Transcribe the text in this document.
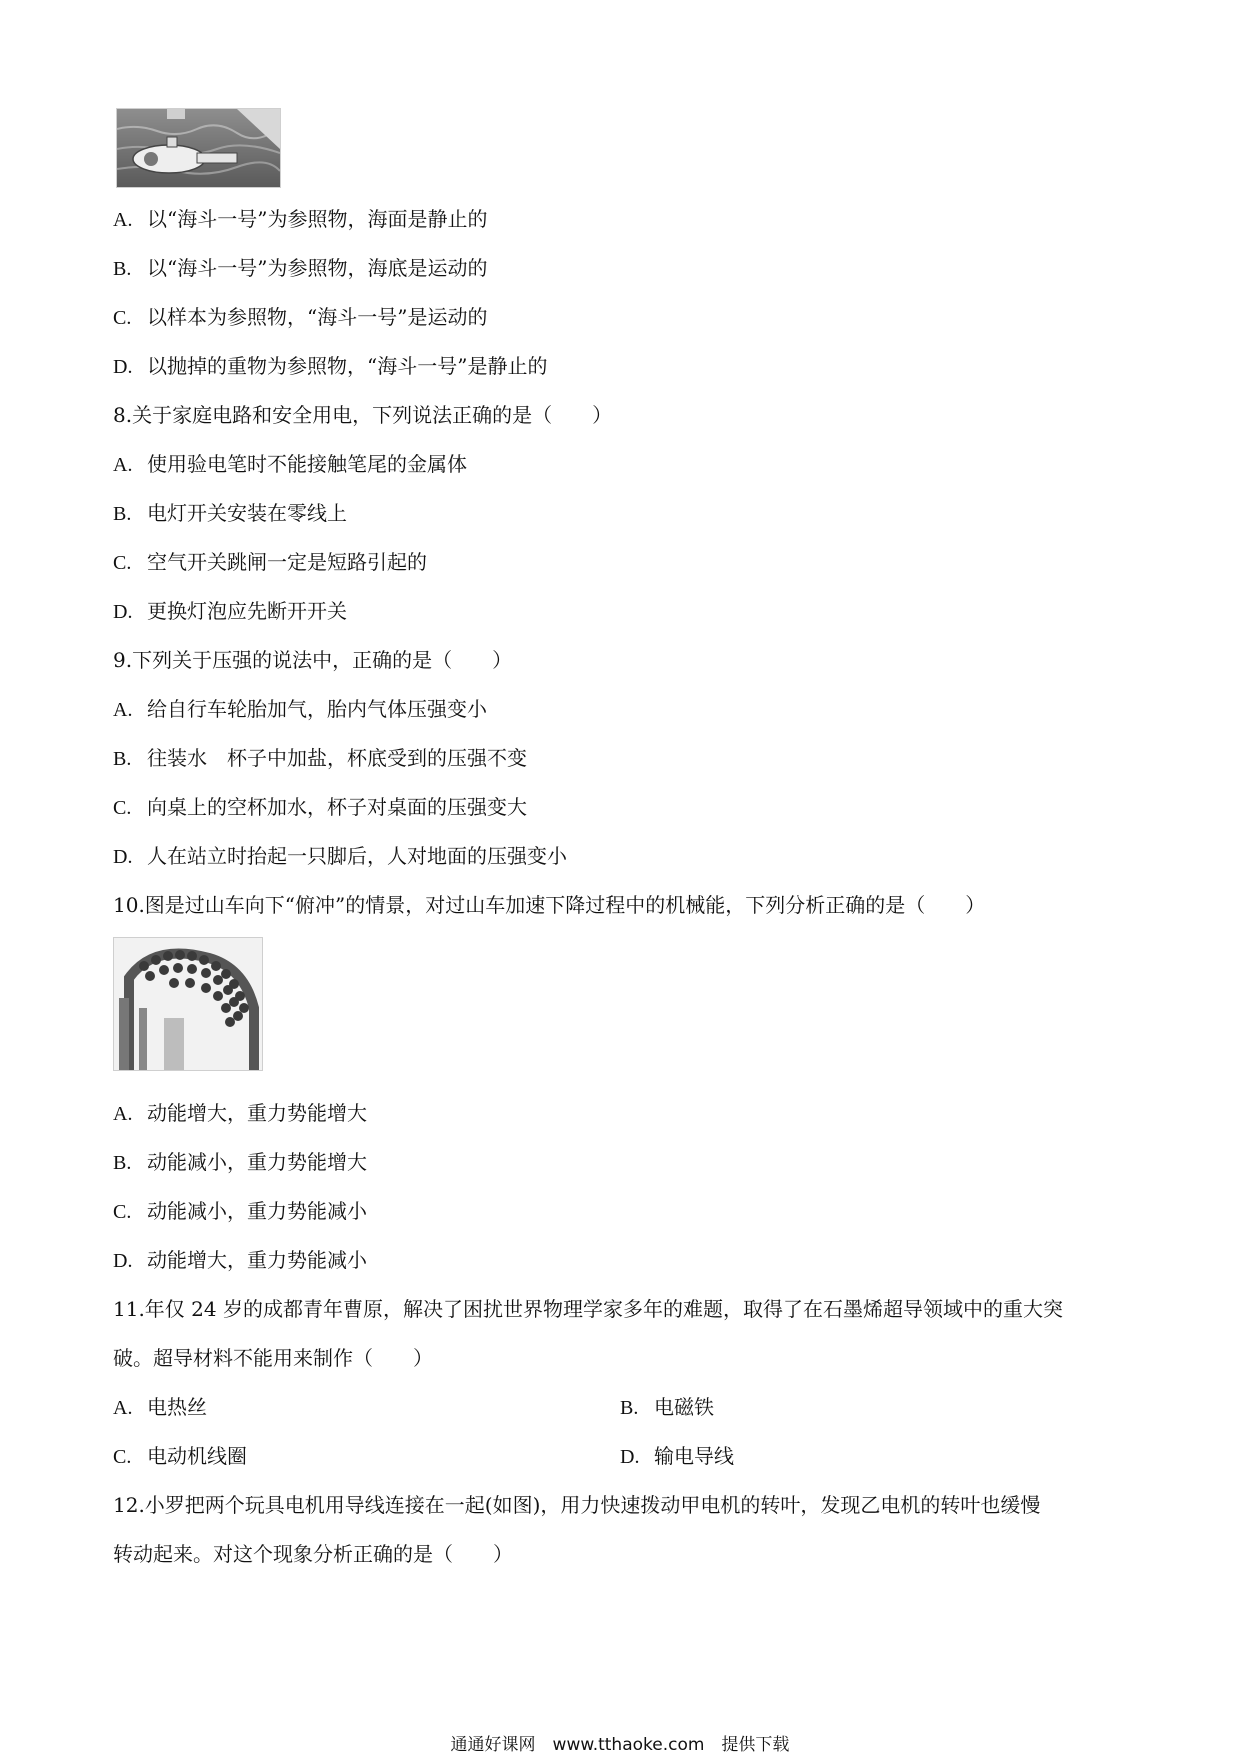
A. 以“海斗一号”为参照物，海面是静止的
B. 以“海斗一号”为参照物，海底是运动的
C. 以样本为参照物，“海斗一号”是运动的
D. 以抛掉的重物为参照物，“海斗一号”是静止的
8.关于家庭电路和安全用电，下列说法正确的是（　　）
A. 使用验电笔时不能接触笔尾的金属体
B. 电灯开关安装在零线上
C. 空气开关跳闸一定是短路引起的
D. 更换灯泡应先断开开关
9.下列关于压强的说法中，正确的是（　　）
A. 给自行车轮胎加气，胎内气体压强变小
B. 往装水　杯子中加盐，杯底受到的压强不变
C. 向桌上的空杯加水，杯子对桌面的压强变大
D. 人在站立时抬起一只脚后，人对地面的压强变小
10.图是过山车向下“俯冲”的情景，对过山车加速下降过程中的机械能，下列分析正确的是（　　）
A. 动能增大，重力势能增大
B. 动能减小，重力势能增大
C. 动能减小，重力势能减小
D. 动能增大，重力势能减小
11.年仅 24 岁的成都青年曹原，解决了困扰世界物理学家多年的难题，取得了在石墨烯超导领域中的重大突
破。超导材料不能用来制作（　　）
A. 电热丝	B. 电磁铁
C. 电动机线圈	D. 输电导线
12.小罗把两个玩具电机用导线连接在一起(如图)，用力快速拨动甲电机的转叶，发现乙电机的转叶也缓慢
转动起来。对这个现象分析正确的是（　　）
通通好课网　www.tthaoke.com　提供下载
